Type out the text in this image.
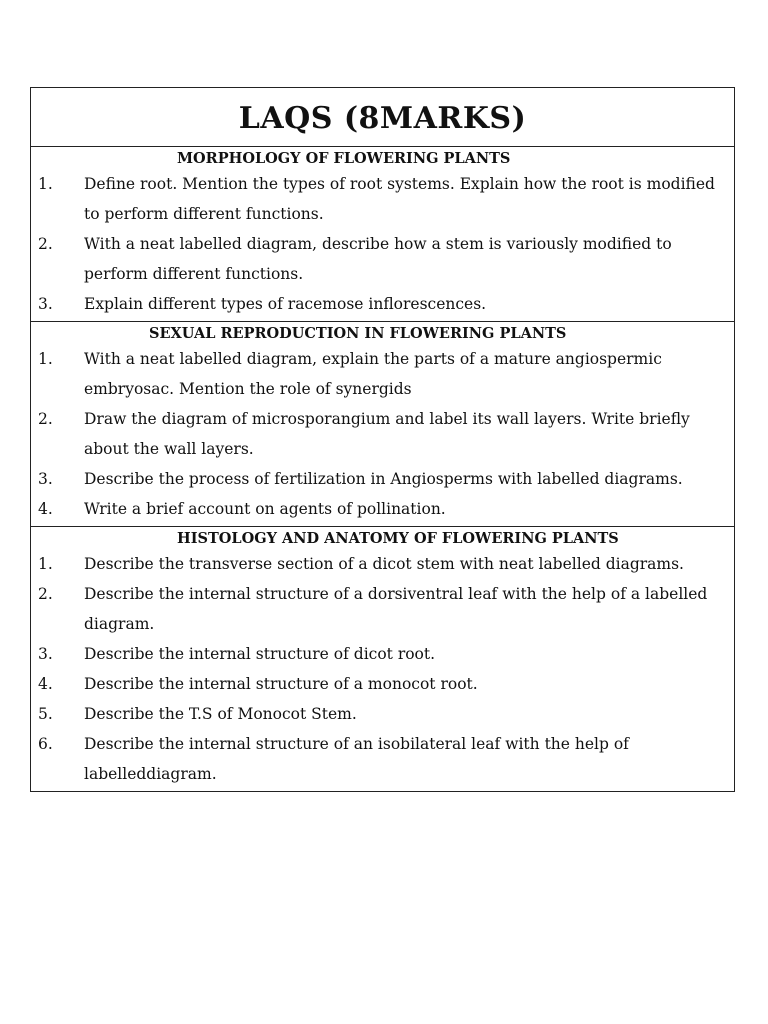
LAQS (8MARKS)
MORPHOLOGY OF FLOWERING PLANTS
1. Define root. Mention the types of root systems. Explain how the root is modified to perform different functions.
2. With a neat labelled diagram, describe how a stem is variously modified to perform different functions.
3. Explain different types of racemose inflorescences.
SEXUAL REPRODUCTION IN FLOWERING PLANTS
1. With a neat labelled diagram, explain the parts of a mature angiospermic embryosac. Mention the role of synergids
2. Draw the diagram of microsporangium and label its wall layers. Write briefly about the wall layers.
3. Describe the process of fertilization in Angiosperms with labelled diagrams.
4. Write a brief account on agents of pollination.
HISTOLOGY AND ANATOMY OF FLOWERING PLANTS
1. Describe the transverse section of a dicot stem with neat labelled diagrams.
2. Describe the internal structure of a dorsiventral leaf with the help of a labelled diagram.
3. Describe the internal structure of dicot root.
4. Describe the internal structure of a monocot root.
5. Describe the T.S of Monocot Stem.
6. Describe the internal structure of an isobilateral leaf with the help of labelleddiagram.
